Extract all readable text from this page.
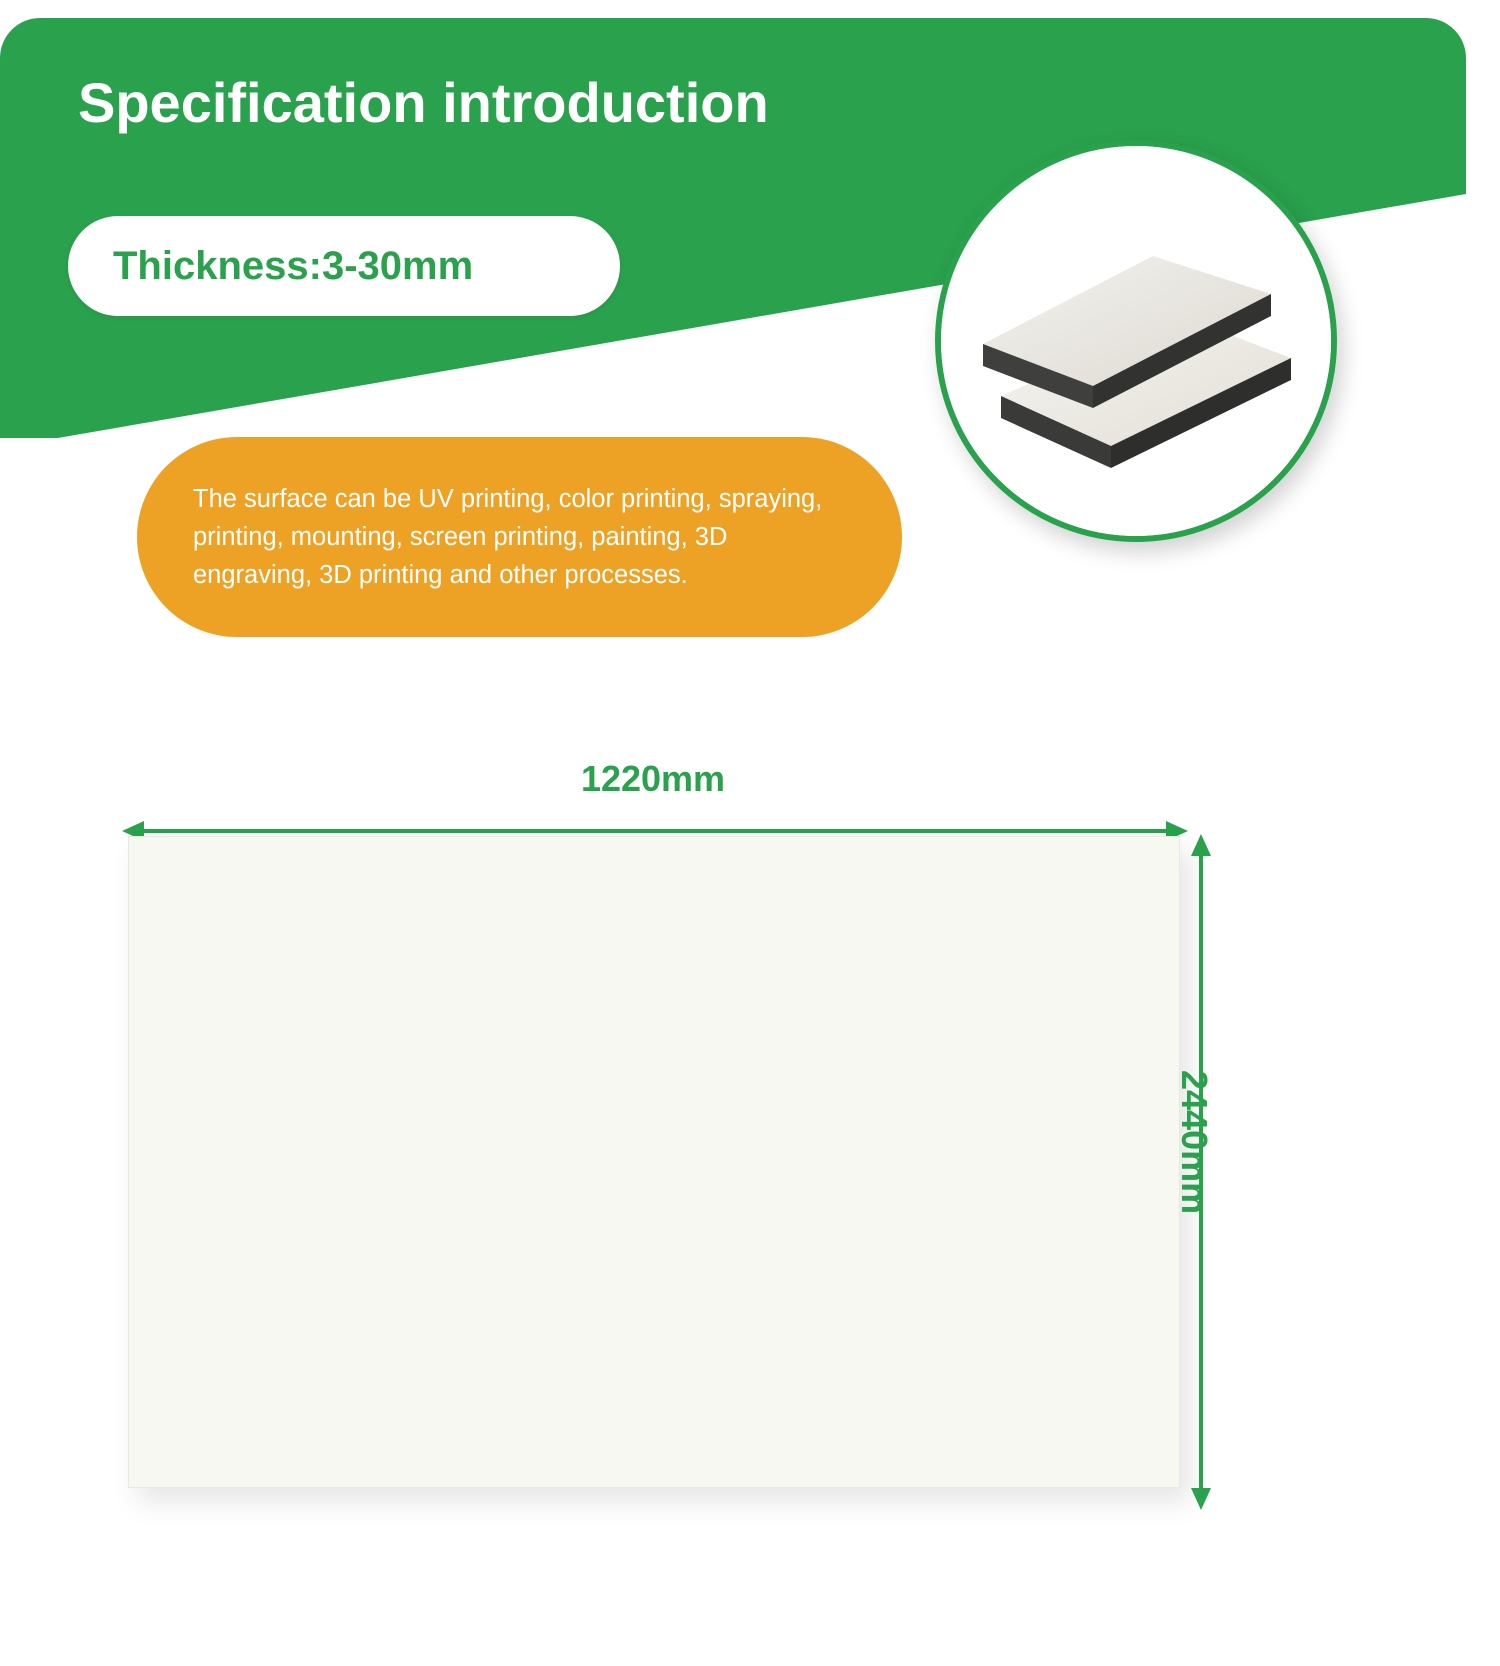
Specification introduction
Thickness:3-30mm
The surface can be UV printing, color printing, spraying, printing, mounting, screen printing, painting, 3D engraving, 3D printing and other processes.
1220mm
2440mm
